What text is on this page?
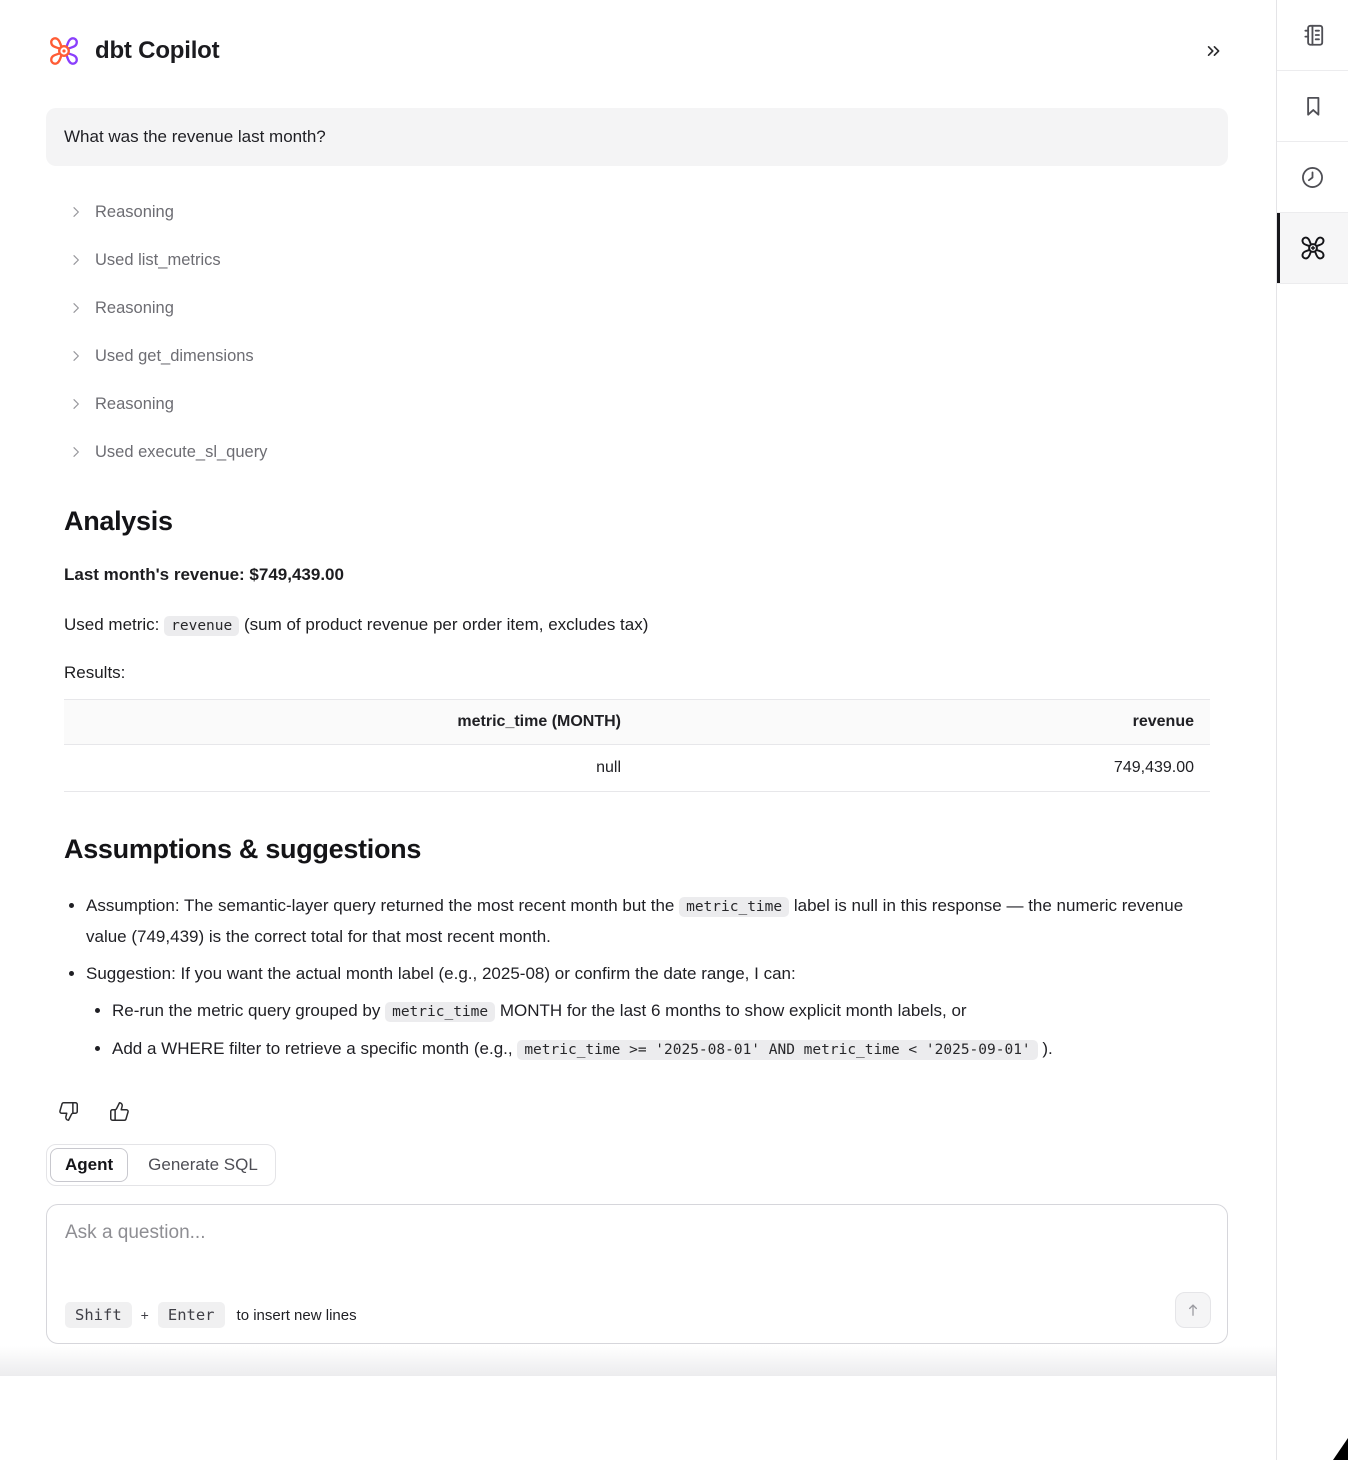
dbt Copilot
What was the revenue last month?
Reasoning
Used list_metrics
Reasoning
Used get_dimensions
Reasoning
Used execute_sl_query
Analysis

Last month's revenue: $749,439.00

Used metric: revenue (sum of product revenue per order item, excludes tax)

Results:

metric_time (MONTH)	revenue
null	749,439.00
Assumptions & suggestions
• Assumption: The semantic-layer query returned the most recent month but the metric_time label is null in this response — the numeric revenue value (749,439) is the correct total for that most recent month.
• Suggestion: If you want the actual month label (e.g., 2025-08) or confirm the date range, I can:
• Re-run the metric query grouped by metric_time MONTH for the last 6 months to show explicit month labels, or
• Add a WHERE filter to retrieve a specific month (e.g., metric_time >= '2025-08-01' AND metric_time < '2025-09-01' ).
Agent	Generate SQL
Ask a question...
Shift	+	Enter	to insert new lines
